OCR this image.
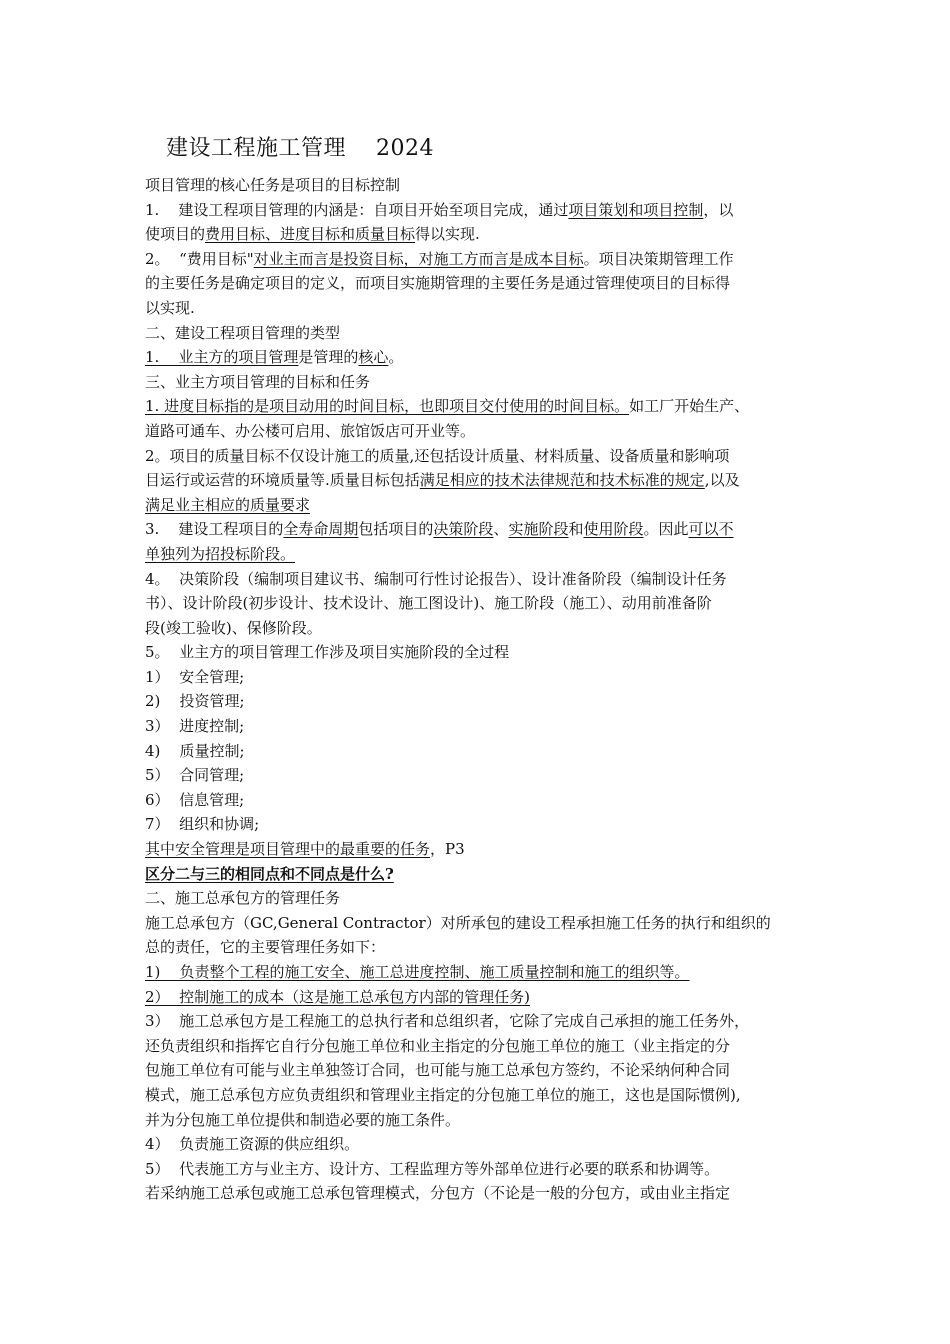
建设工程施工管理    2024
项目管理的核心任务是项目的目标控制
1.    建设工程项目管理的内涵是：自项目开始至项目完成，通过项目策划和项目控制，以
使项目的费用目标、进度目标和质量目标得以实现.
2。  “费用目标"对业主而言是投资目标，对施工方而言是成本目标。项目决策期管理工作
的主要任务是确定项目的定义，而项目实施期管理的主要任务是通过管理使项目的目标得
以实现.
二、建设工程项目管理的类型
1.    业主方的项目管理是管理的核心。
三、业主方项目管理的目标和任务
1. 进度目标指的是项目动用的时间目标，也即项目交付使用的时间目标。如工厂开始生产、
道路可通车、办公楼可启用、旅馆饭店可开业等。
2。项目的质量目标不仅设计施工的质量,还包括设计质量、材料质量、设备质量和影响项
目运行或运营的环境质量等.质量目标包括满足相应的技术法律规范和技术标准的规定,以及
满足业主相应的质量要求
3.    建设工程项目的全寿命周期包括项目的决策阶段、实施阶段和使用阶段。因此可以不
单独列为招投标阶段。
4。  决策阶段（编制项目建议书、编制可行性讨论报告）、设计准备阶段（编制设计任务
书）、设计阶段(初步设计、技术设计、施工图设计)、施工阶段（施工）、动用前准备阶
段(竣工验收)、保修阶段。
5。  业主方的项目管理工作涉及项目实施阶段的全过程
1）  安全管理;
2)    投资管理;
3）  进度控制;
4)    质量控制;
5）  合同管理;
6）  信息管理;
7）  组织和协调;
其中安全管理是项目管理中的最重要的任务，P3
区分二与三的相同点和不同点是什么?
二、施工总承包方的管理任务
施工总承包方（GC,General Contractor）对所承包的建设工程承担施工任务的执行和组织的
总的责任，它的主要管理任务如下：
1)    负责整个工程的施工安全、施工总进度控制、施工质量控制和施工的组织等。
2）  控制施工的成本（这是施工总承包方内部的管理任务)
3）  施工总承包方是工程施工的总执行者和总组织者，它除了完成自己承担的施工任务外，
还负责组织和指挥它自行分包施工单位和业主指定的分包施工单位的施工（业主指定的分
包施工单位有可能与业主单独签订合同，也可能与施工总承包方签约，不论采纳何种合同
模式，施工总承包方应负责组织和管理业主指定的分包施工单位的施工，这也是国际惯例),
并为分包施工单位提供和制造必要的施工条件。
4）  负责施工资源的供应组织。
5）  代表施工方与业主方、设计方、工程监理方等外部单位进行必要的联系和协调等。
若采纳施工总承包或施工总承包管理模式，分包方（不论是一般的分包方，或由业主指定
